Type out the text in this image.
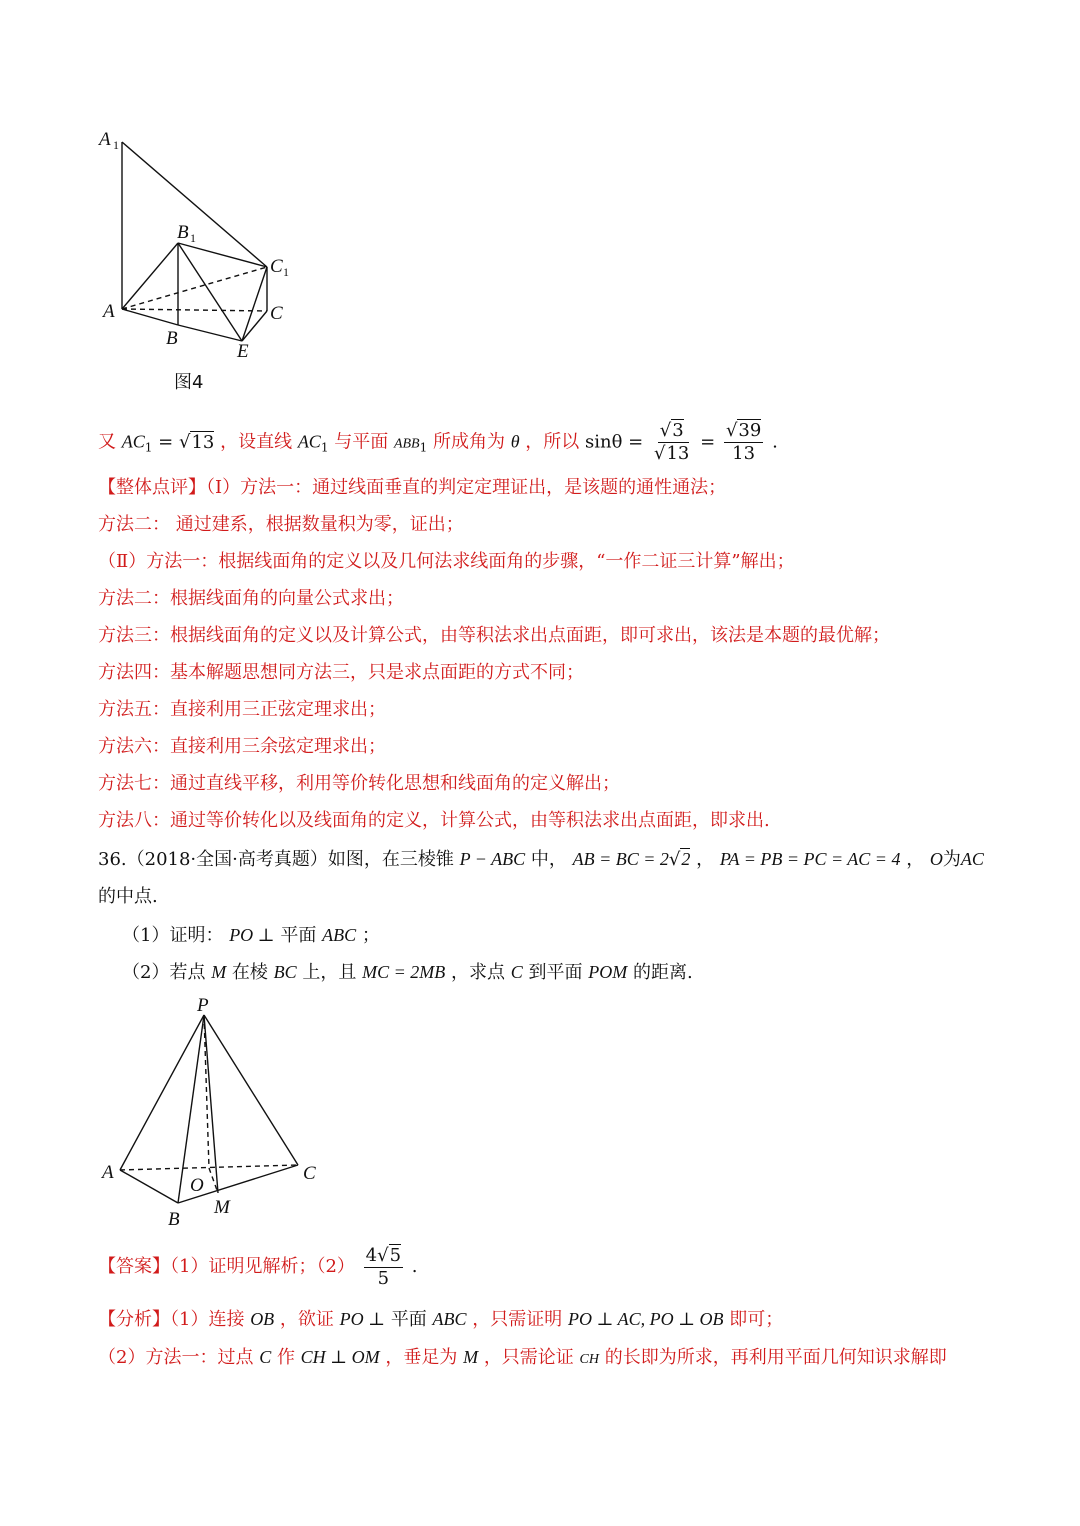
A 1
B 1
C 1
A	C
B
E
图4
又 $AC_1 = √13$ ，设直线 $AC_1$ 与平面 $ABB_1$ 所成角为 θ ，所以 $\sin\theta = \frac{√3}{√13} = \frac{√39}{13}$ .
【整体点评】（Ⅰ）方法一：通过线面垂直的判定定理证出，是该题的通性通法；
方法二： 通过建系，根据数量积为零，证出；
（Ⅱ）方法一：根据线面角的定义以及几何法求线面角的步骤，“一作二证三计算”解出；
方法二：根据线面角的向量公式求出；
方法三：根据线面角的定义以及计算公式，由等积法求出点面距，即可求出，该法是本题的最优解；
方法四：基本解题思想同方法三，只是求点面距的方式不同；
方法五：直接利用三正弦定理求出；
方法六：直接利用三余弦定理求出；
方法七：通过直线平移，利用等价转化思想和线面角的定义解出；
方法八：通过等价转化以及线面角的定义，计算公式，由等积法求出点面距，即求出.
36.（2018·全国·高考真题）如图，在三棱锥 P − ABC 中， AB = BC = 2√2 ， PA = PB = PC = AC = 4 ， O为AC
的中点.
（1）证明： PO ⊥ 平面 ABC ；
（2）若点 M 在棱 BC 上，且 MC = 2MB ，求点 C 到平面 POM 的距离.
P
A	C
O
B
M
【答案】（1）证明见解析；$(2) \frac{4√5}{5}$ .
【分析】（1）连接 OB ，欲证 PO ⊥ 平面 ABC ，只需证明 PO ⊥ AC, PO ⊥ OB 即可；
（2）方法一：过点 C 作 CH ⊥ OM ，垂足为 M ，只需论证 CH 的长即为所求，再利用平面几何知识求解即
